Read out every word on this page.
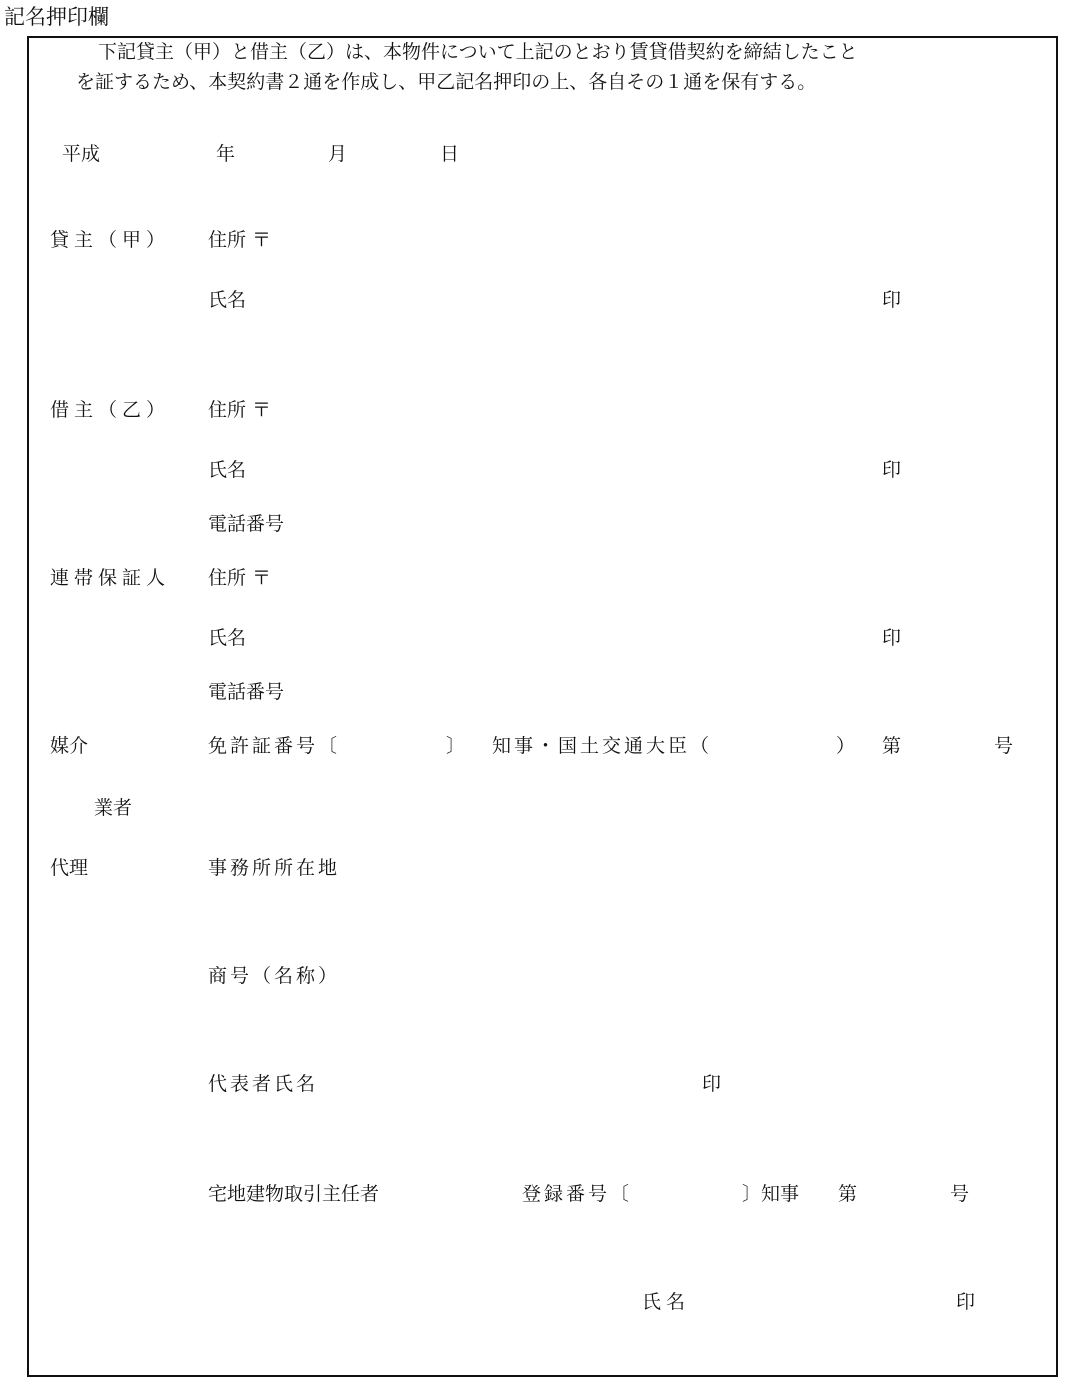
記名押印欄
下記貸主（甲）と借主（乙）は、本物件について上記のとおり賃貸借契約を締結したこと
を証するため、本契約書２通を作成し、甲乙記名押印の上、各自その１通を保有する。
平成	年	月	日
貸主（甲） 住所 〒
氏名	印
借主（乙） 住所 〒
氏名	印
電話番号
連帯保証人 住所 〒
氏名	印
電話番号
媒介	免許証番号〔	〕 知事・国土交通大臣（	） 第	号
業者
代理	事務所所在地
商号（名称）
代表者氏名	印
宅地建物取引主任者	登録番号〔	〕知事 第	号
氏名	印
